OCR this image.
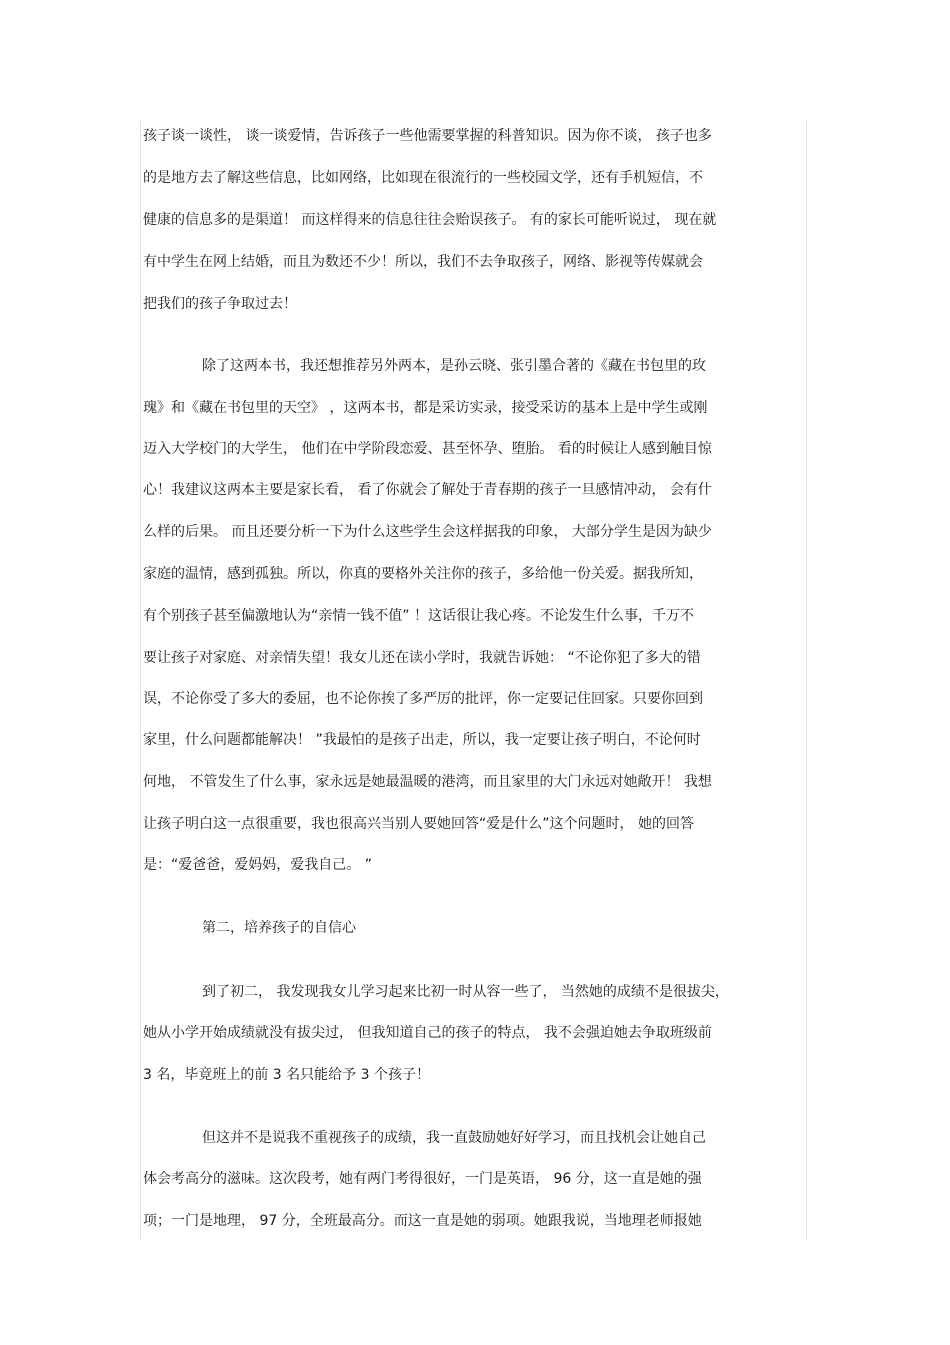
孩子谈一谈性， 谈一谈爱情，告诉孩子一些他需要掌握的科普知识。因为你不谈， 孩子也多
的是地方去了解这些信息，比如网络，比如现在很流行的一些校园文学，还有手机短信，不
健康的信息多的是渠道！ 而这样得来的信息往往会贻误孩子。 有的家长可能听说过， 现在就
有中学生在网上结婚，而且为数还不少！所以，我们不去争取孩子，网络、影视等传媒就会
把我们的孩子争取过去！
除了这两本书，我还想推荐另外两本，是孙云晓、张引墨合著的《藏在书包里的玫
瑰》和《藏在书包里的天空》 ，这两本书，都是采访实录，接受采访的基本上是中学生或刚
迈入大学校门的大学生， 他们在中学阶段恋爱、甚至怀孕、堕胎。 看的时候让人感到触目惊
心！我建议这两本主要是家长看， 看了你就会了解处于青春期的孩子一旦感情冲动， 会有什
么样的后果。 而且还要分析一下为什么这些学生会这样据我的印象， 大部分学生是因为缺少
家庭的温情，感到孤独。所以，你真的要格外关注你的孩子，多给他一份关爱。据我所知，
有个别孩子甚至偏激地认为“亲情一钱不值” ！这话很让我心疼。不论发生什么事，千万不
要让孩子对家庭、对亲情失望！我女儿还在读小学时，我就告诉她： “不论你犯了多大的错
误，不论你受了多大的委屈，也不论你挨了多严厉的批评，你一定要记住回家。只要你回到
家里，什么问题都能解决！ ”我最怕的是孩子出走，所以，我一定要让孩子明白，不论何时
何地， 不管发生了什么事，家永远是她最温暖的港湾，而且家里的大门永远对她敞开！ 我想
让孩子明白这一点很重要，我也很高兴当别人要她回答“爱是什么”这个问题时， 她的回答
是：“爱爸爸，爱妈妈，爱我自己。 ”
第二，培养孩子的自信心
到了初二， 我发现我女儿学习起来比初一时从容一些了， 当然她的成绩不是很拔尖，
她从小学开始成绩就没有拔尖过， 但我知道自己的孩子的特点， 我不会强迫她去争取班级前
3 名，毕竟班上的前 3 名只能给予 3 个孩子！
但这并不是说我不重视孩子的成绩，我一直鼓励她好好学习，而且找机会让她自己
体会考高分的滋味。这次段考，她有两门考得很好，一门是英语， 96 分，这一直是她的强
项；一门是地理， 97 分，全班最高分。而这一直是她的弱项。她跟我说，当地理老师报她
